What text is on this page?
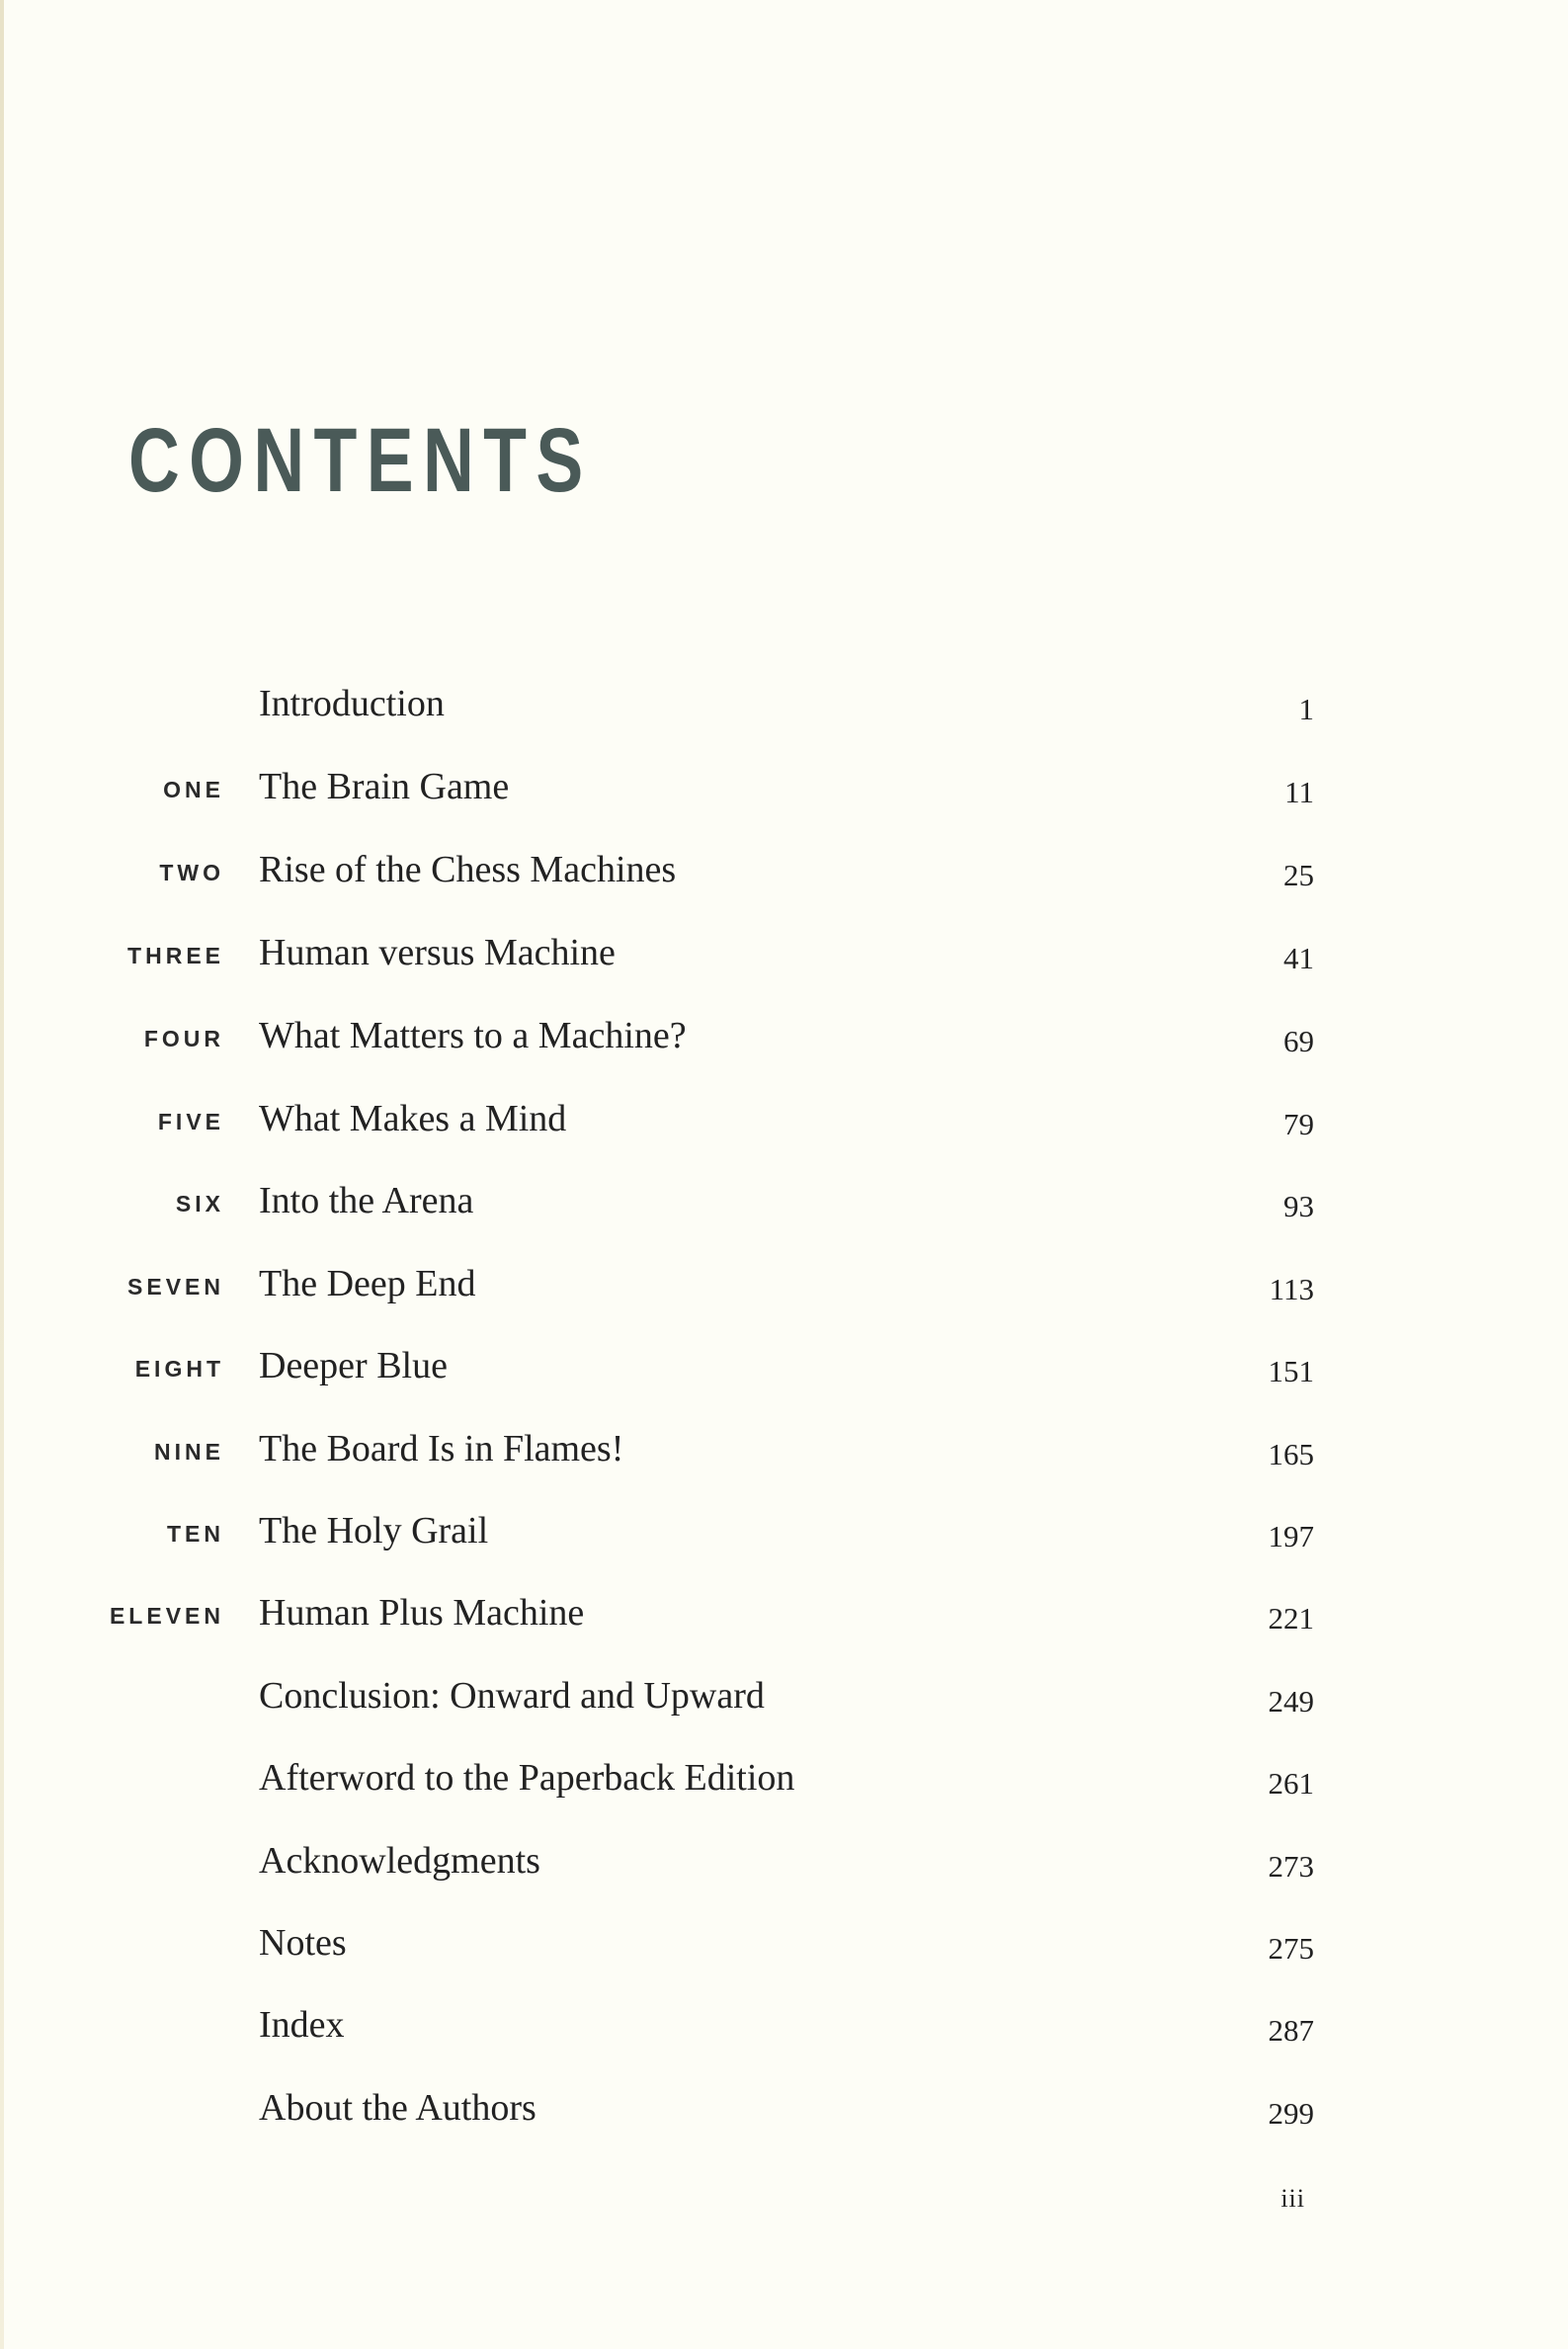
CONTENTS
Introduction	1
ONE The Brain Game	11
TWO Rise of the Chess Machines	25
THREE Human versus Machine	41
FOUR What Matters to a Machine?	69
FIVE What Makes a Mind	79
SIX Into the Arena	93
SEVEN The Deep End	113
EIGHT Deeper Blue	151
NINE The Board Is in Flames!	165
TEN The Holy Grail	197
ELEVEN Human Plus Machine	221
Conclusion: Onward and Upward	249
Afterword to the Paperback Edition	261
Acknowledgments	273
Notes	275
Index	287
About the Authors	299
iii
